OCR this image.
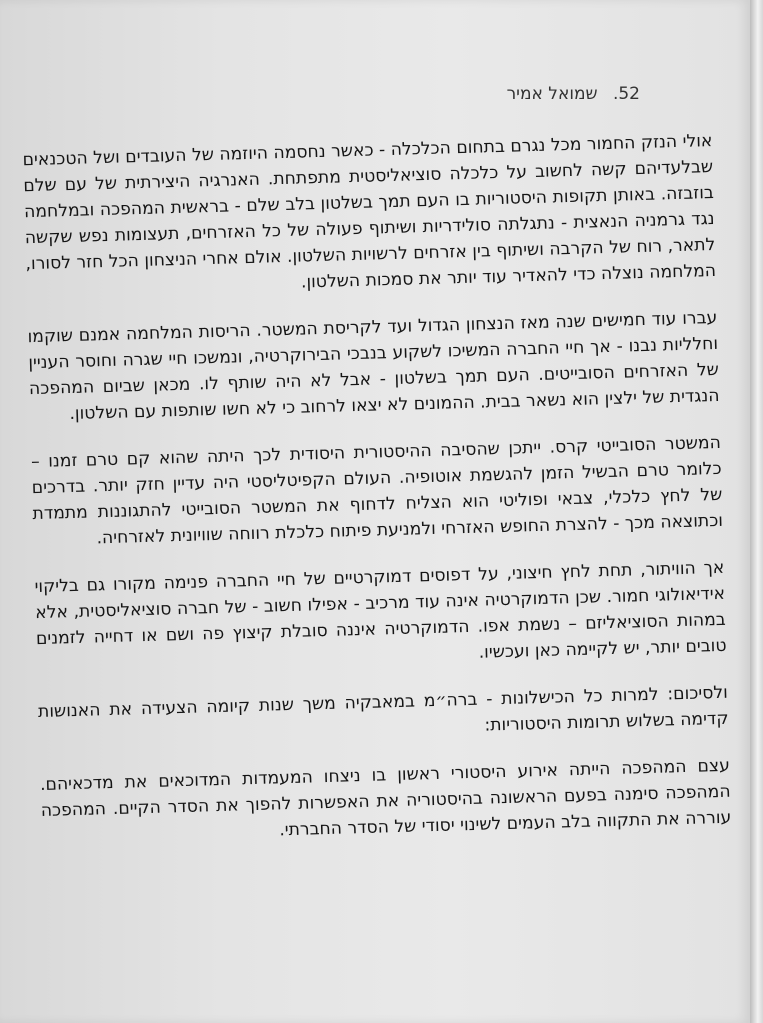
52. שמואל אמיר

אולי הנזק החמור מכל נגרם בתחום הכלכלה - כאשר נחסמה היוזמה של העובדים ושל הטכנאים שבלעדיהם קשה לחשוב על כלכלה סוציאליסטית מתפתחת. האנרגיה היצירתית של עם שלם בוזבזה. באותן תקופות היסטוריות בו העם תמך בשלטון בלב שלם - בראשית המהפכה ובמלחמה נגד גרמניה הנאצית - נתגלתה סולידריות ושיתוף פעולה של כל האזרחים, תעצומות נפש שקשה לתאר, רוח של הקרבה ושיתוף בין אזרחים לרשויות השלטון. אולם אחרי הניצחון הכל חזר לסורו, המלחמה נוצלה כדי להאדיר עוד יותר את סמכות השלטון.

עברו עוד חמישים שנה מאז הנצחון הגדול ועד לקריסת המשטר. הריסות המלחמה אמנם שוקמו וחלליות נבנו - אך חיי החברה המשיכו לשקוע בנבכי הבירוקרטיה, ונמשכו חיי שגרה וחוסר העניין של האזרחים הסובייטים. העם תמך בשלטון - אבל לא היה שותף לו. מכאן שביום המהפכה הנגדית של ילצין הוא נשאר בבית. ההמונים לא יצאו לרחוב כי לא חשו שותפות עם השלטון.

המשטר הסובייטי קרס. ייתכן שהסיבה ההיסטורית היסודית לכך היתה שהוא קם טרם זמנו – כלומר טרם הבשיל הזמן להגשמת אוטופיה. העולם הקפיטליסטי היה עדיין חזק יותר. בדרכים של לחץ כלכלי, צבאי ופוליטי הוא הצליח לדחוף את המשטר הסובייטי להתגוננות מתמדת וכתוצאה מכך - להצרת החופש האזרחי ולמניעת פיתוח כלכלת רווחה שוויונית לאזרחיה.

אך הוויתור, תחת לחץ חיצוני, על דפוסים דמוקרטיים של חיי החברה פנימה מקורו גם בליקוי אידיאולוגי חמור. שכן הדמוקרטיה אינה עוד מרכיב - אפילו חשוב - של חברה סוציאליסטית, אלא במהות הסוציאליזם – נשמת אפו. הדמוקרטיה איננה סובלת קיצוץ פה ושם או דחייה לזמנים טובים יותר, יש לקיימה כאן ועכשיו.

ולסיכום: למרות כל הכישלונות - ברה״מ במאבקיה משך שנות קיומה הצעידה את האנושות קדימה בשלוש תרומות היסטוריות:

עצם המהפכה הייתה אירוע היסטורי ראשון בו ניצחו המעמדות המדוכאים את מדכאיהם. המהפכה סימנה בפעם הראשונה בהיסטוריה את האפשרות להפוך את הסדר הקיים. המהפכה עוררה את התקווה בלב העמים לשינוי יסודי של הסדר החברתי.
